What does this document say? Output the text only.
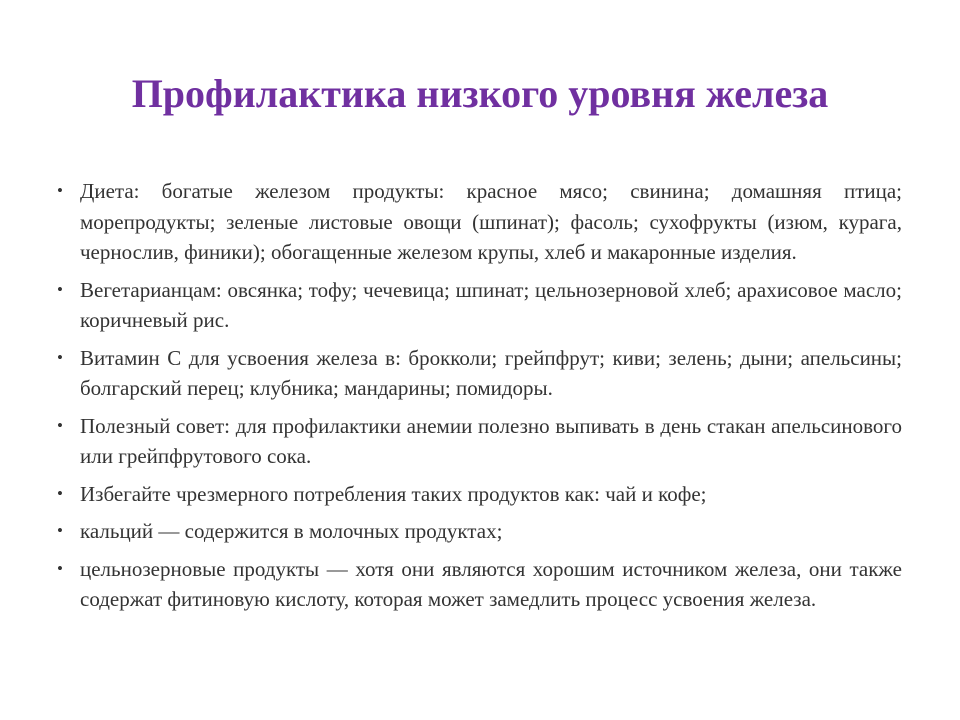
Профилактика низкого уровня железа
• Диета: богатые железом продукты: красное мясо; свинина; домашняя птица; морепродукты; зеленые листовые овощи (шпинат); фасоль; сухофрукты (изюм, курага, чернослив, финики); обогащенные железом крупы, хлеб и макаронные изделия.
• Вегетарианцам: овсянка; тофу; чечевица; шпинат; цельнозерновой хлеб; арахисовое масло; коричневый рис.
• Витамин С для усвоения железа в: брокколи; грейпфрут; киви; зелень; дыни; апельсины; болгарский перец; клубника; мандарины; помидоры.
• Полезный совет: для профилактики анемии полезно выпивать в день стакан апельсинового или грейпфрутового сока.
• Избегайте чрезмерного потребления таких продуктов как: чай и кофе;
• кальций — содержится в молочных продуктах;
• цельнозерновые продукты — хотя они являются хорошим источником железа, они также содержат фитиновую кислоту, которая может замедлить процесс усвоения железа.
